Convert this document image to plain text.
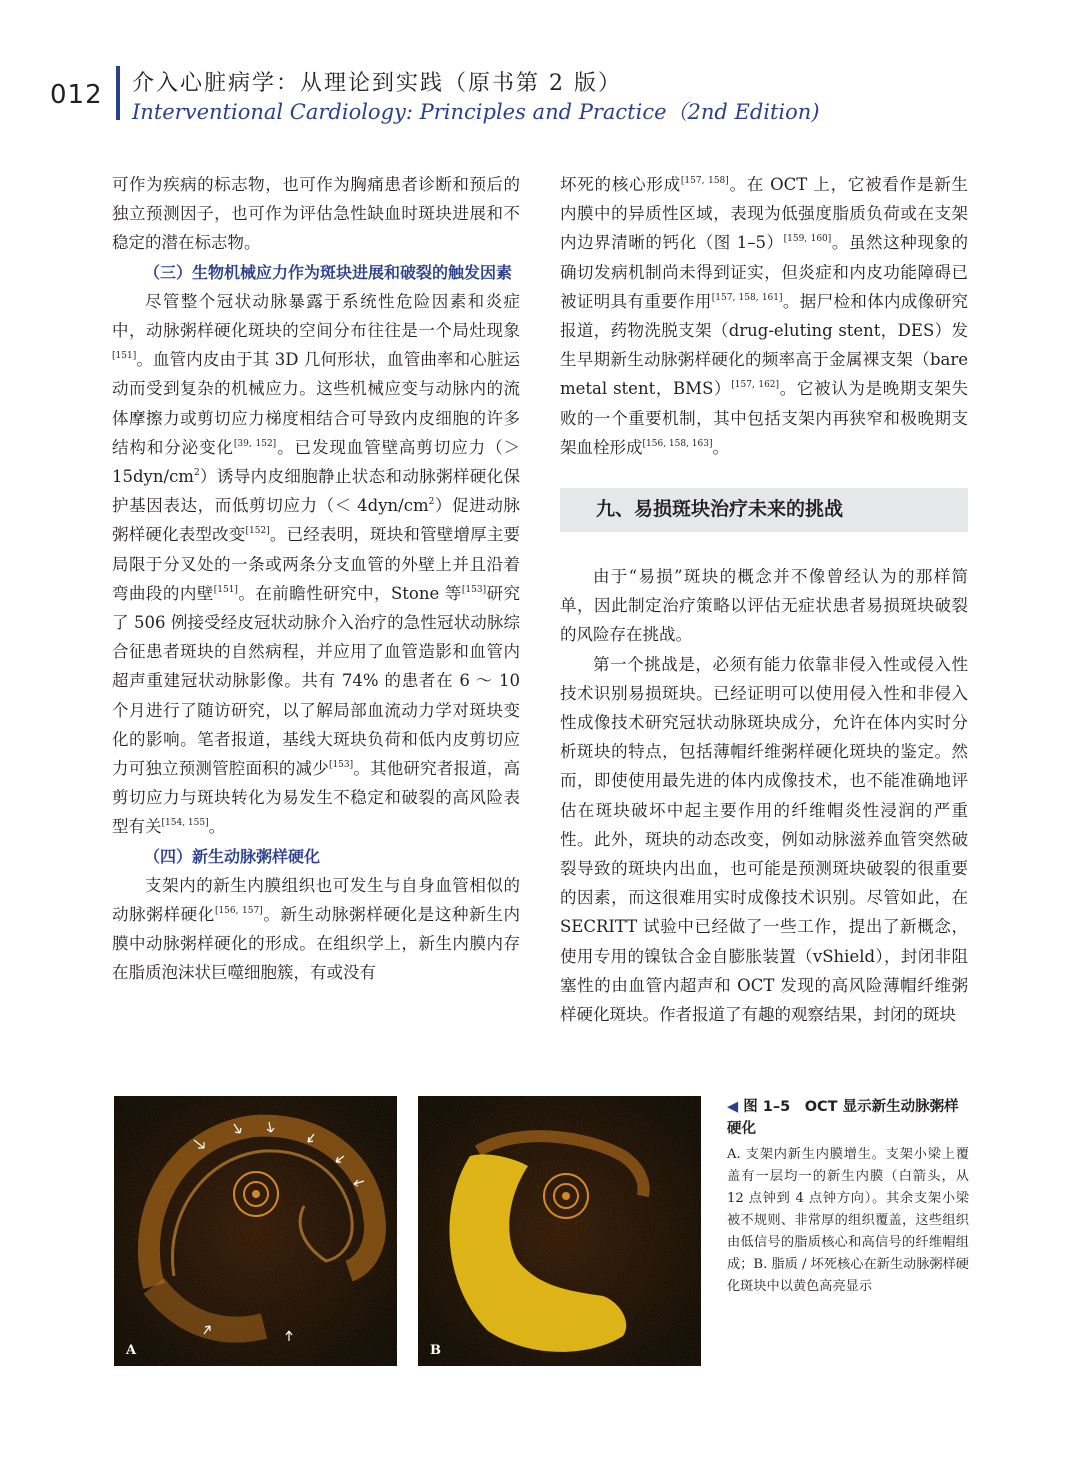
012 介入心脏病学：从理论到实践（原书第 2 版）
Interventional Cardiology: Principles and Practice（2nd Edition)

可作为疾病的标志物，也可作为胸痛患者诊断和预后的独立预测因子，也可作为评估急性缺血时斑块进展和不稳定的潜在标志物。

（三）生物机械应力作为斑块进展和破裂的触发因素

尽管整个冠状动脉暴露于系统性危险因素和炎症中，动脉粥样硬化斑块的空间分布往往是一个局灶现象[151]。血管内皮由于其 3D 几何形状，血管曲率和心脏运动而受到复杂的机械应力。这些机械应变与动脉内的流体摩擦力或剪切应力梯度相结合可导致内皮细胞的许多结构和分泌变化[39, 152]。已发现血管壁高剪切应力（＞ $15dyn/cm^2$）诱导内皮细胞静止状态和动脉粥样硬化保护基因表达，而低剪切应力（＜ $4dyn/cm^2$）促进动脉粥样硬化表型改变[152]。已经表明，斑块和管壁增厚主要局限于分叉处的一条或两条分支血管的外壁上并且沿着弯曲段的内壁[151]。在前瞻性研究中，Stone 等[153]研究了 506 例接受经皮冠状动脉介入治疗的急性冠状动脉综合征患者斑块的自然病程，并应用了血管造影和血管内超声重建冠状动脉影像。共有 74% 的患者在 6 ～ 10 个月进行了随访研究，以了解局部血流动力学对斑块变化的影响。笔者报道，基线大斑块负荷和低内皮剪切应力可独立预测管腔面积的减少[153]。其他研究者报道，高剪切应力与斑块转化为易发生不稳定和破裂的高风险表型有关[154, 155]。

（四）新生动脉粥样硬化

支架内的新生内膜组织也可发生与自身血管相似的动脉粥样硬化[156, 157]。新生动脉粥样硬化是这种新生内膜中动脉粥样硬化的形成。在组织学上，新生内膜内存在脂质泡沫状巨噬细胞簇，有或没有

坏死的核心形成[157, 158]。在 OCT 上，它被看作是新生内膜中的异质性区域，表现为低强度脂质负荷或在支架内边界清晰的钙化（图 1–5）[159, 160]。虽然这种现象的确切发病机制尚未得到证实，但炎症和内皮功能障碍已被证明具有重要作用[157, 158, 161]。据尸检和体内成像研究报道，药物洗脱支架（drug-eluting stent，DES）发生早期新生动脉粥样硬化的频率高于金属裸支架（bare metal stent，BMS）[157, 162]。它被认为是晚期支架失败的一个重要机制，其中包括支架内再狭窄和极晚期支架血栓形成[156, 158, 163]。

九、易损斑块治疗未来的挑战

由于“易损”斑块的概念并不像曾经认为的那样简单，因此制定治疗策略以评估无症状患者易损斑块破裂的风险存在挑战。

第一个挑战是，必须有能力依靠非侵入性或侵入性技术识别易损斑块。已经证明可以使用侵入性和非侵入性成像技术研究冠状动脉斑块成分，允许在体内实时分析斑块的特点，包括薄帽纤维粥样硬化斑块的鉴定。然而，即使使用最先进的体内成像技术，也不能准确地评估在斑块破坏中起主要作用的纤维帽炎性浸润的严重性。此外，斑块的动态改变，例如动脉滋养血管突然破裂导致的斑块内出血，也可能是预测斑块破裂的很重要的因素，而这很难用实时成像技术识别。尽管如此，在 SECRITT 试验中已经做了一些工作，提出了新概念，使用专用的镍钛合金自膨胀装置（vShield），封闭非阻塞性的由血管内超声和 OCT 发现的高风险薄帽纤维粥样硬化斑块。作者报道了有趣的观察结果，封闭的斑块

A	B
◀ 图 1–5　OCT 显示新生动脉粥样硬化
A. 支架内新生内膜增生。支架小梁上覆盖有一层均一的新生内膜（白箭头，从 12 点钟到 4 点钟方向）。其余支架小梁被不规则、非常厚的组织覆盖，这些组织由低信号的脂质核心和高信号的纤维帽组成；B. 脂质 / 坏死核心在新生动脉粥样硬化斑块中以黄色高亮显示
